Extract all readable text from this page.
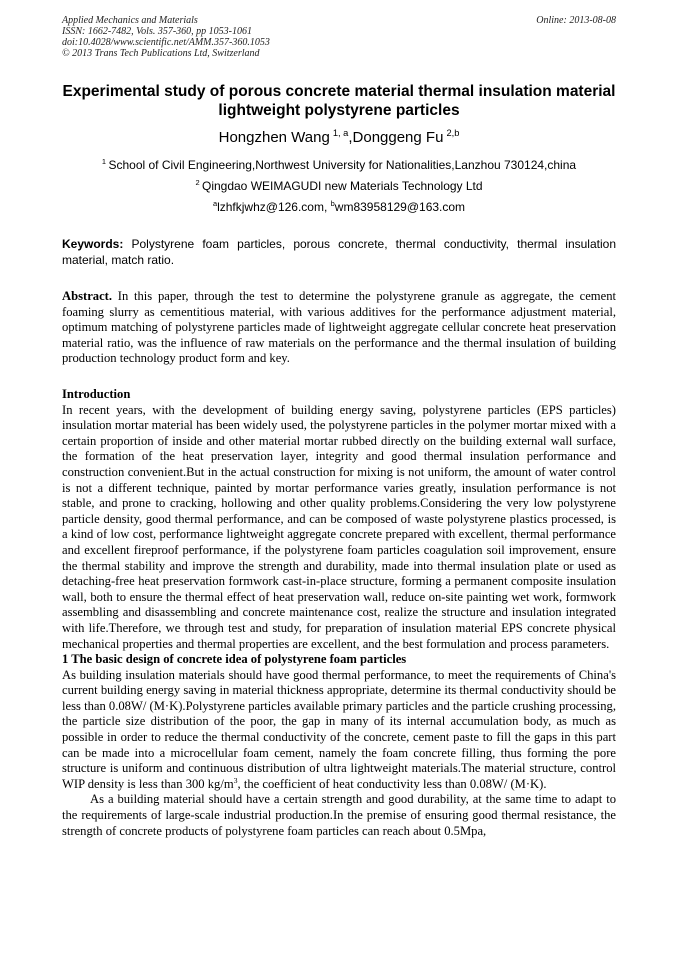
Applied Mechanics and Materials
ISSN: 1662-7482, Vols. 357-360, pp 1053-1061
doi:10.4028/www.scientific.net/AMM.357-360.1053
© 2013 Trans Tech Publications Ltd, Switzerland
Online: 2013-08-08
Experimental study of porous concrete material thermal insulation material lightweight polystyrene particles
Hongzhen Wang  $^{1, a}$,Donggeng Fu  $^{2,b}$
$^1$  School of Civil Engineering,Northwest University for Nationalities,Lanzhou 730124,china
$^2$  Qingdao WEIMAGUDI new Materials Technology Ltd
$^a$lzhfkjwhz@126.com, $^b$wm83958129@163.com
Keywords: Polystyrene foam particles, porous concrete, thermal conductivity, thermal insulation material, match ratio.
Abstract. In this paper, through the test to determine the polystyrene granule as aggregate, the cement foaming slurry as cementitious material, with various additives for the performance adjustment material, optimum matching of polystyrene particles made of lightweight aggregate cellular concrete heat preservation material ratio, was the influence of raw materials on the performance and the thermal insulation of building production technology product form and key.
Introduction

In recent years, with the development of building energy saving, polystyrene particles (EPS particles) insulation mortar material has been widely used, the polystyrene particles in the polymer mortar mixed with a certain proportion of inside and other material mortar rubbed directly on the building external wall surface, the formation of the heat preservation layer, integrity and good thermal insulation performance and construction convenient.But in the actual construction for mixing is not uniform, the amount of water control is not a different technique, painted by mortar performance varies greatly, insulation performance is not stable, and prone to cracking, hollowing and other quality problems.Considering the very low polystyrene particle density, good thermal performance, and can be composed of waste polystyrene plastics processed, is a kind of low cost, performance lightweight aggregate concrete prepared with excellent, thermal performance and excellent fireproof performance, if the polystyrene foam particles coagulation soil improvement, ensure the thermal stability and improve the strength and durability, made into thermal insulation plate or used as detaching-free heat preservation formwork cast-in-place structure, forming a permanent composite insulation wall, both to ensure the thermal effect of heat preservation wall, reduce on-site painting wet work, formwork assembling and disassembling and concrete maintenance cost, realize the structure and insulation integrated with life.Therefore, we through test and study, for preparation of insulation material EPS concrete physical mechanical properties and thermal properties are excellent, and the best formulation and process parameters.

1 The basic design of concrete idea of polystyrene foam particles

As building insulation materials should have good thermal performance, to meet the requirements of China's current building energy saving in material thickness appropriate, determine its thermal conductivity should be less than 0.08W/ (M·K).Polystyrene particles available primary particles and the particle crushing processing, the particle size distribution of the poor, the gap in many of its internal accumulation body, as much as possible in order to reduce the thermal conductivity of the concrete, cement paste to fill the gaps in this part can be made into a microcellular foam cement, namely the foam concrete filling, thus forming the pore structure is uniform and continuous distribution of ultra lightweight materials.The material structure, control WIP density is less than 300 $kg/m^3$, the coefficient of heat conductivity less than 0.08W/ (M·K).

As a building material should have a certain strength and good durability, at the same time to adapt to the requirements of large-scale industrial production.In the premise of ensuring good thermal resistance, the strength of concrete products of polystyrene foam particles can reach about 0.5Mpa,
